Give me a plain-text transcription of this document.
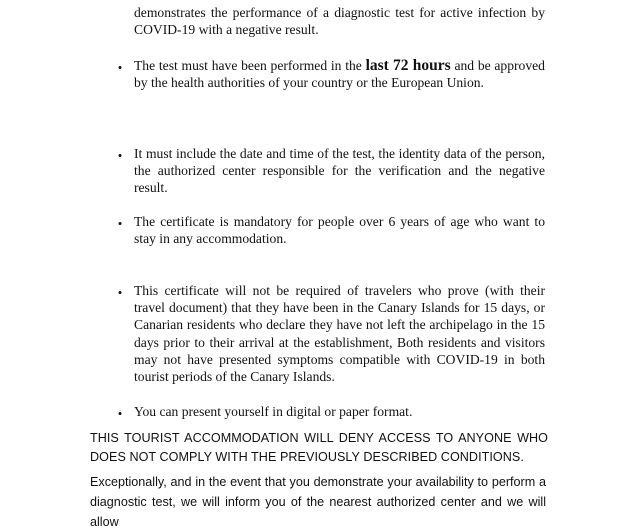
demonstrates the performance of a diagnostic test for active infection by
COVID-19 with a negative result.
• The test must have been performed in the last 72 hours and be approved by the health authorities of your country or the European Union.
• It must include the date and time of the test, the identity data of the person, the authorized center responsible for the verification and the negative result.
• The certificate is mandatory for people over 6 years of age who want to stay in any accommodation.
• This certificate will not be required of travelers who prove (with their travel document) that they have been in the Canary Islands for 15 days, or Canarian residents who declare they have not left the archipelago in the 15 days prior to their arrival at the establishment, Both residents and visitors may not have presented symptoms compatible with COVID-19 in both tourist periods of the Canary Islands.
• You can present yourself in digital or paper format.
THIS TOURIST ACCOMMODATION WILL DENY ACCESS TO ANYONE WHO DOES NOT COMPLY WITH THE PREVIOUSLY DESCRIBED CONDITIONS.
Exceptionally, and in the event that you demonstrate your availability to perform a
diagnostic test, we will inform you of the nearest authorized center and we will allow
